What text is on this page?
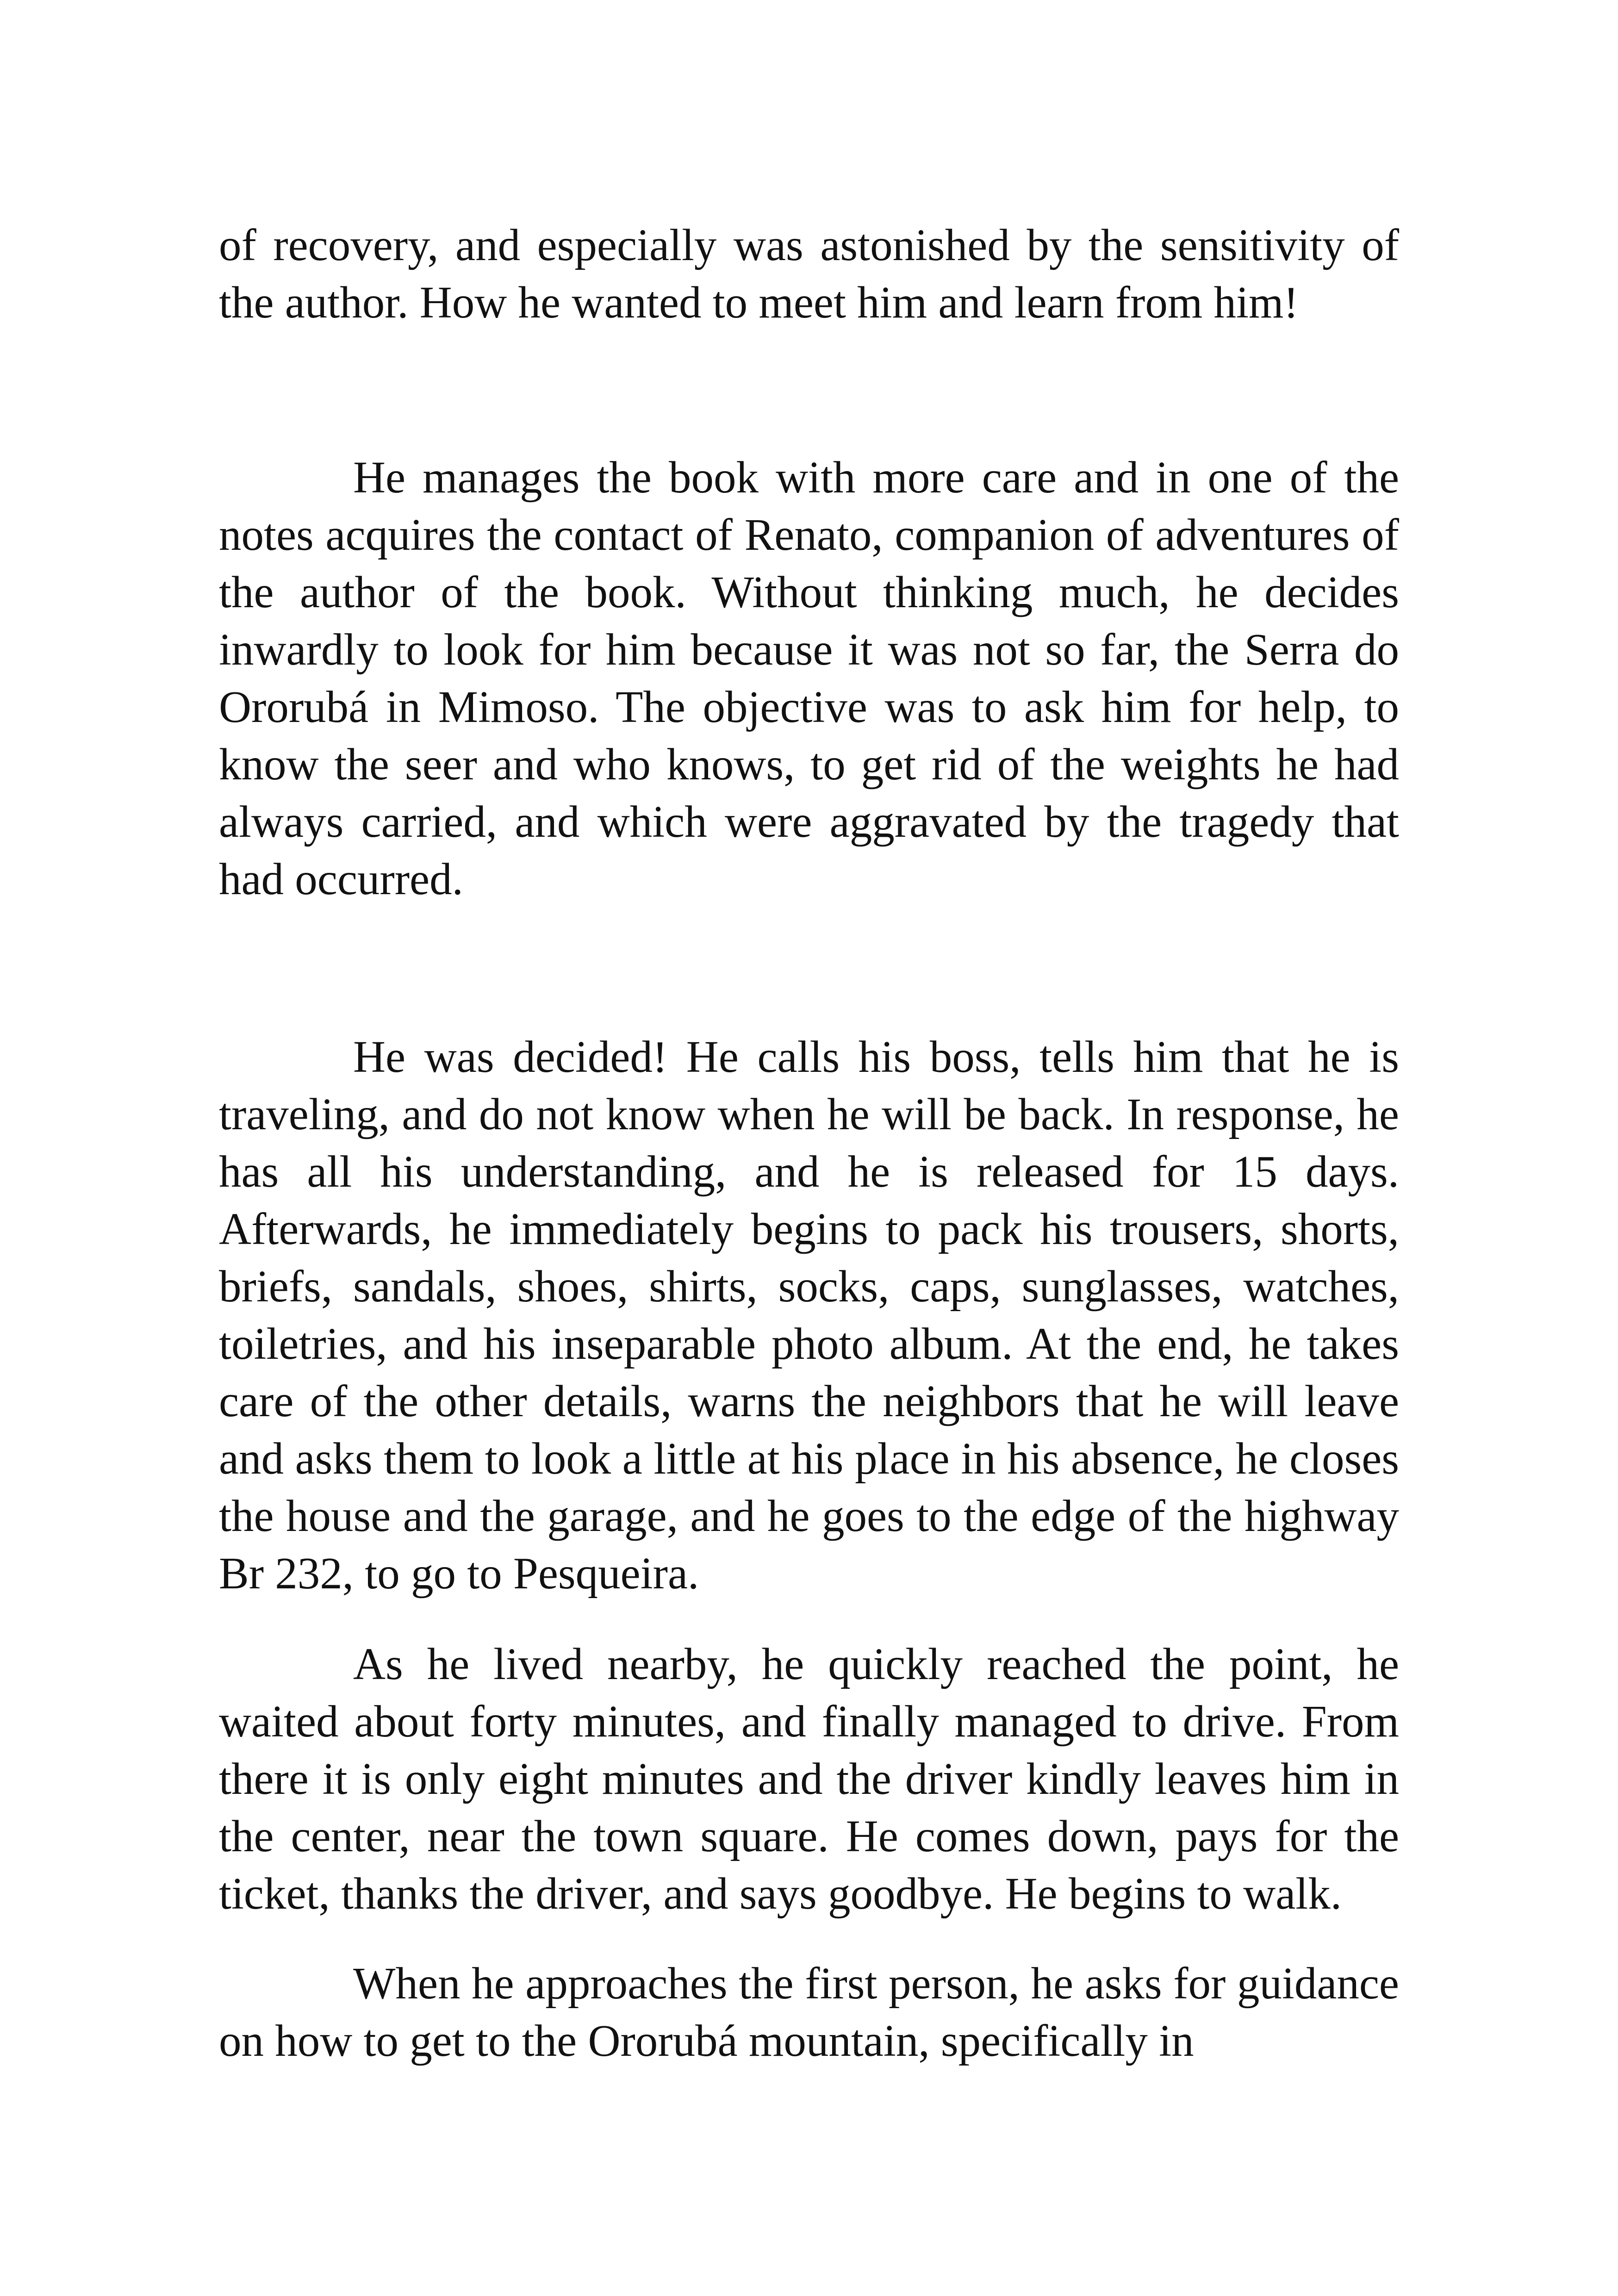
of recovery, and especially was astonished by the sensitivity of the author. How he wanted to meet him and learn from him!

He manages the book with more care and in one of the notes acquires the contact of Renato, companion of adventures of the author of the book. Without thinking much, he decides inwardly to look for him because it was not so far, the Serra do Ororubá in Mimoso. The objective was to ask him for help, to know the seer and who knows, to get rid of the weights he had always carried, and which were aggravated by the tragedy that had occurred.

He was decided! He calls his boss, tells him that he is traveling, and do not know when he will be back. In response, he has all his understanding, and he is released for 15 days. Afterwards, he immediately begins to pack his trousers, shorts, briefs, sandals, shoes, shirts, socks, caps, sunglasses, watches, toiletries, and his inseparable photo album. At the end, he takes care of the other details, warns the neighbors that he will leave and asks them to look a little at his place in his absence, he closes the house and the garage, and he goes to the edge of the highway Br 232, to go to Pesqueira.

As he lived nearby, he quickly reached the point, he waited about forty minutes, and finally managed to drive. From there it is only eight minutes and the driver kindly leaves him in the center, near the town square. He comes down, pays for the ticket, thanks the driver, and says goodbye. He begins to walk.

When he approaches the first person, he asks for guidance on how to get to the Ororubá mountain, specifically in
